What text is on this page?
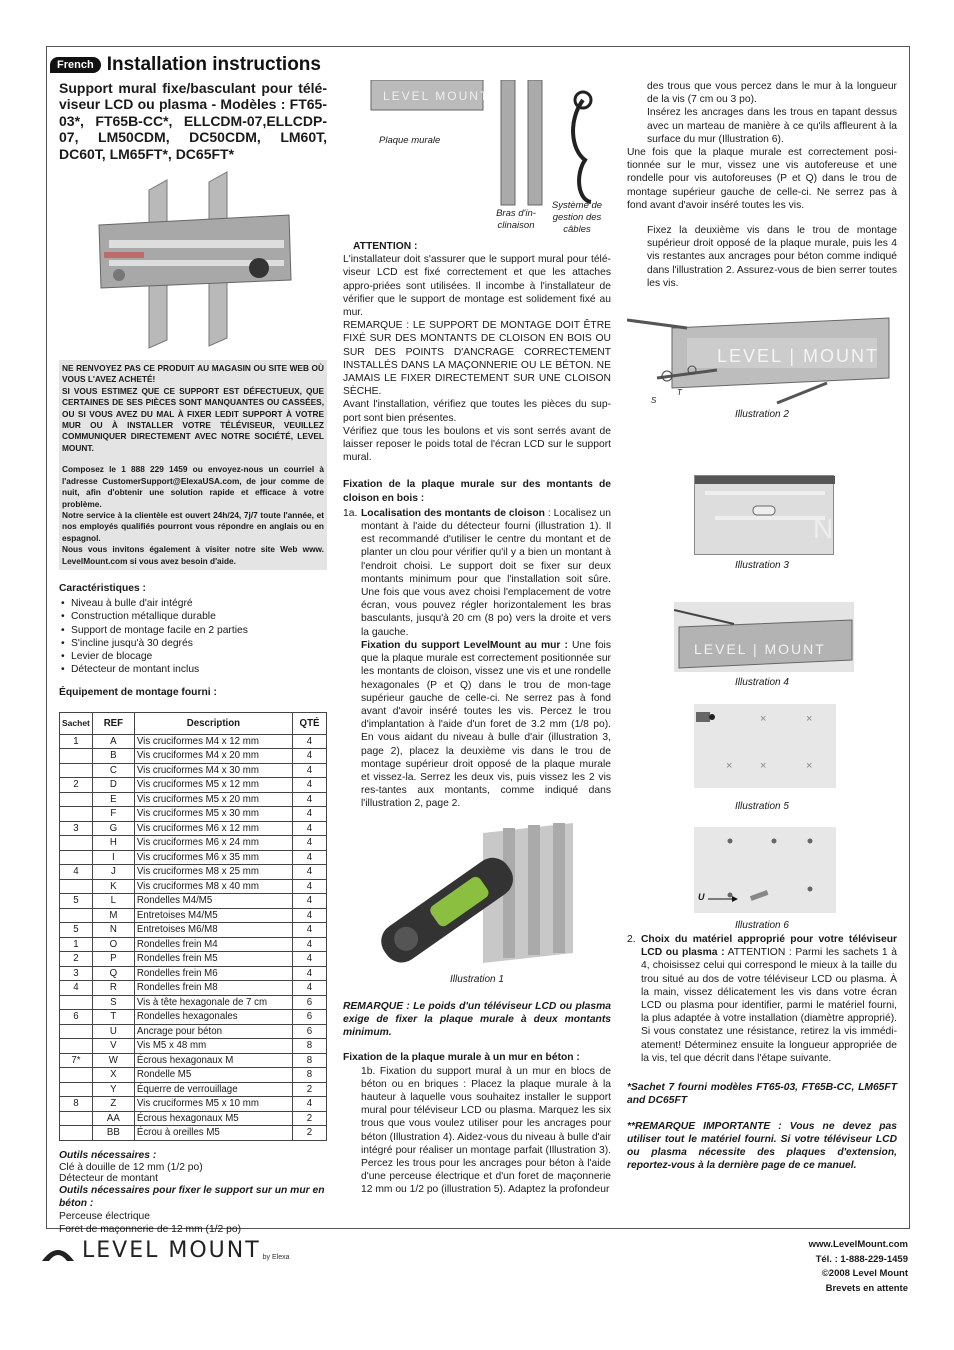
French Installation instructions
Support mural fixe/basculant pour télé-viseur LCD ou plasma - Modèles : FT65-03*, FT65B-CC*, ELLCDM-07,ELLCDP-07, LM50CDM, DC50CDM, LM60T, DC60T, LM65FT*, DC65FT*

NE RENVOYEZ PAS CE PRODUIT AU MAGASIN OU SITE WEB OÙ VOUS L'AVEZ ACHETÉ!
SI VOUS ESTIMEZ QUE CE SUPPORT EST DÉFECTUEUX, QUE CERTAINES DE SES PIÈCES SONT MANQUANTES OU CASSÉES, OU SI VOUS AVEZ DU MAL À FIXER LEDIT SUPPORT À VOTRE MUR OU À INSTALLER VOTRE TÉLÉVISEUR, VEUILLEZ COMMUNIQUER DIRECTEMENT AVEC NOTRE SOCIÉTÉ, LEVEL MOUNT.

Composez le 1 888 229 1459 ou envoyez-nous un courriel à l'adresse CustomerSupport@ElexaUSA.com, de jour comme de nuit, afin d'obtenir une solution rapide et efficace à votre problème.
Notre service à la clientèle est ouvert 24h/24, 7j/7 toute l'année, et nos employés qualifiés pourront vous répondre en anglais ou en espagnol.
Nous vous invitons également à visiter notre site Web www. LevelMount.com si vous avez besoin d'aide.

Caractéristiques :
• Niveau à bulle d'air intégré
• Construction métallique durable
• Support de montage facile en 2 parties
• S'incline jusqu'à 30 degrés
• Levier de blocage
• Détecteur de montant inclus
Équipement de montage fourni :
Sachet	REF	Description	QTÉ
1	A	Vis cruciformes M4 x 12 mm	4
	B	Vis cruciformes M4 x 20 mm	4
	C	Vis cruciformes M4 x 30 mm	4
2	D	Vis cruciformes M5 x 12 mm	4
	E	Vis cruciformes M5 x 20 mm	4
	F	Vis cruciformes M5 x 30 mm	4
3	G	Vis cruciformes M6 x 12 mm	4
	H	Vis cruciformes M6 x 24 mm	4
	I	Vis cruciformes M6 x 35 mm	4
4	J	Vis cruciformes M8 x 25 mm	4
	K	Vis cruciformes M8 x 40 mm	4
5	L	Rondelles M4/M5	4
	M	Entretoises M4/M5	4
5	N	Entretoises M6/M8	4
1	O	Rondelles frein M4	4
2	P	Rondelles frein M5	4
3	Q	Rondelles frein M6	4
4	R	Rondelles frein M8	4
	S	Vis à tête hexagonale de 7 cm	6
6	T	Rondelles hexagonales	6
	U	Ancrage pour béton	6
	V	Vis M5 x 48 mm	8
7*	W	Écrous hexagonaux M	8
	X	Rondelle M5	8
	Y	Équerre de verrouillage	2
8	Z	Vis cruciformes M5 x 10 mm	4
	AA	Écrous hexagonaux M5	2
	BB	Écrou à oreilles M5	2
Outils nécessaires :
Clé à douille de 12 mm (1/2 po)
Détecteur de montant
Outils nécessaires pour fixer le support sur un mur en béton :
Perceuse électrique
Foret de maçonnerie de 12 mm (1/2 po)
LEVEL MOUNT
Plaque murale
Bras d'in-clinaison
Système de gestion des câbles
ATTENTION :

L'installateur doit s'assurer que le support mural pour télé-viseur LCD est fixé correctement et que les attaches appro-priées sont utilisées. Il incombe à l'installateur de vérifier que le support de montage est solidement fixé au mur.

REMARQUE : LE SUPPORT DE MONTAGE DOIT ÊTRE FIXÉ SUR DES MONTANTS DE CLOISON EN BOIS OU SUR DES POINTS D'ANCRAGE CORRECTEMENT INSTALLÉS DANS LA MAÇONNERIE OU LE BÉTON. NE JAMAIS LE FIXER DIRECTEMENT SUR UNE CLOISON SÈCHE.

Avant l'installation, vérifiez que toutes les pièces du sup-port sont bien présentes.

Vérifiez que tous les boulons et vis sont serrés avant de laisser reposer le poids total de l'écran LCD sur le support mural.

Fixation de la plaque murale sur des montants de cloison en bois :

1a. Localisation des montants de cloison : Localisez un montant à l'aide du détecteur fourni (illustration 1). Il est recommandé d'utiliser le centre du montant et de planter un clou pour vérifier qu'il y a bien un montant à l'endroit choisi. Le support doit se fixer sur deux montants minimum pour que l'installation soit sûre. Une fois que vous avez choisi l'emplacement de votre écran, vous pouvez régler horizontalement les bras basculants, jusqu'à 20 cm (8 po) vers la droite et vers la gauche.

Fixation du support LevelMount au mur : Une fois que la plaque murale est correctement positionnée sur les montants de cloison, vissez une vis et une rondelle hexagonales (P et Q) dans le trou de mon-tage supérieur gauche de celle-ci. Ne serrez pas à fond avant d'avoir inséré toutes les vis. Percez le trou d'implantation à l'aide d'un foret de 3.2 mm (1/8 po). En vous aidant du niveau à bulle d'air (illustration 3, page 2), placez la deuxième vis dans le trou de montage supérieur droit opposé de la plaque murale et vissez-la. Serrez les deux vis, puis vissez les 2 vis res-tantes aux montants, comme indiqué dans l'illustration 2, page 2.

Illustration 1

REMARQUE : Le poids d'un téléviseur LCD ou plasma exige de fixer la plaque murale à deux montants minimum.

Fixation de la plaque murale à un mur en béton :

1b. Fixation du support mural à un mur en blocs de béton ou en briques : Placez la plaque murale à la hauteur à laquelle vous souhaitez installer le support mural pour téléviseur LCD ou plasma. Marquez les six trous que vous voulez utiliser pour les ancrages pour béton (Illustration 4). Aidez-vous du niveau à bulle d'air intégré pour réaliser un montage parfait (Illustration 3). Percez les trous pour les ancrages pour béton à l'aide d'une perceuse électrique et d'un foret de maçonnerie 12 mm ou 1/2 po (illustration 5). Adaptez la profondeur

des trous que vous percez dans le mur à la longueur de la vis (7 cm ou 3 po).

Insérez les ancrages dans les trous en tapant dessus avec un marteau de manière à ce qu'ils affleurent à la surface du mur (Illustration 6).

Une fois que la plaque murale est correctement posi-tionnée sur le mur, vissez une vis autofereuse et une rondelle pour vis autoforeuses (P et Q) dans le trou de montage supérieur gauche de celle-ci. Ne serrez pas à fond avant d'avoir inséré toutes les vis.

Fixez la deuxième vis dans le trou de montage supérieur droit opposé de la plaque murale, puis les 4 vis restantes aux ancrages pour béton comme indiqué dans l'illustration 2. Assurez-vous de bien serrer toutes les vis.

LEVEL | MOUNT
S
T
Illustration 2
N
Illustration 3
LEVEL | MOUNT
Illustration 4
×	×
×	×	×
Illustration 5
U
Illustration 6
2. Choix du matériel approprié pour votre téléviseur LCD ou plasma : ATTENTION : Parmi les sachets 1 à 4, choisissez celui qui correspond le mieux à la taille du trou situé au dos de votre téléviseur LCD ou plasma. À la main, vissez délicatement les vis dans votre écran LCD ou plasma pour identifier, parmi le matériel fourni, la plus adaptée à votre installation (diamètre approprié). Si vous constatez une résistance, retirez la vis immédi-atement! Déterminez ensuite la longueur appropriée de la vis, tel que décrit dans l'étape suivante.

*Sachet 7 fourni modèles FT65-03, FT65B-CC, LM65FT and DC65FT

**REMARQUE IMPORTANTE : Vous ne devez pas utiliser tout le matériel fourni. Si votre téléviseur LCD ou plasma nécessite des plaques d'extension, reportez-vous à la dernière page de ce manuel.

LEVEL MOUNT by Elexa
www.LevelMount.com
Tél. : 1-888-229-1459
©2008 Level Mount
Brevets en attente
